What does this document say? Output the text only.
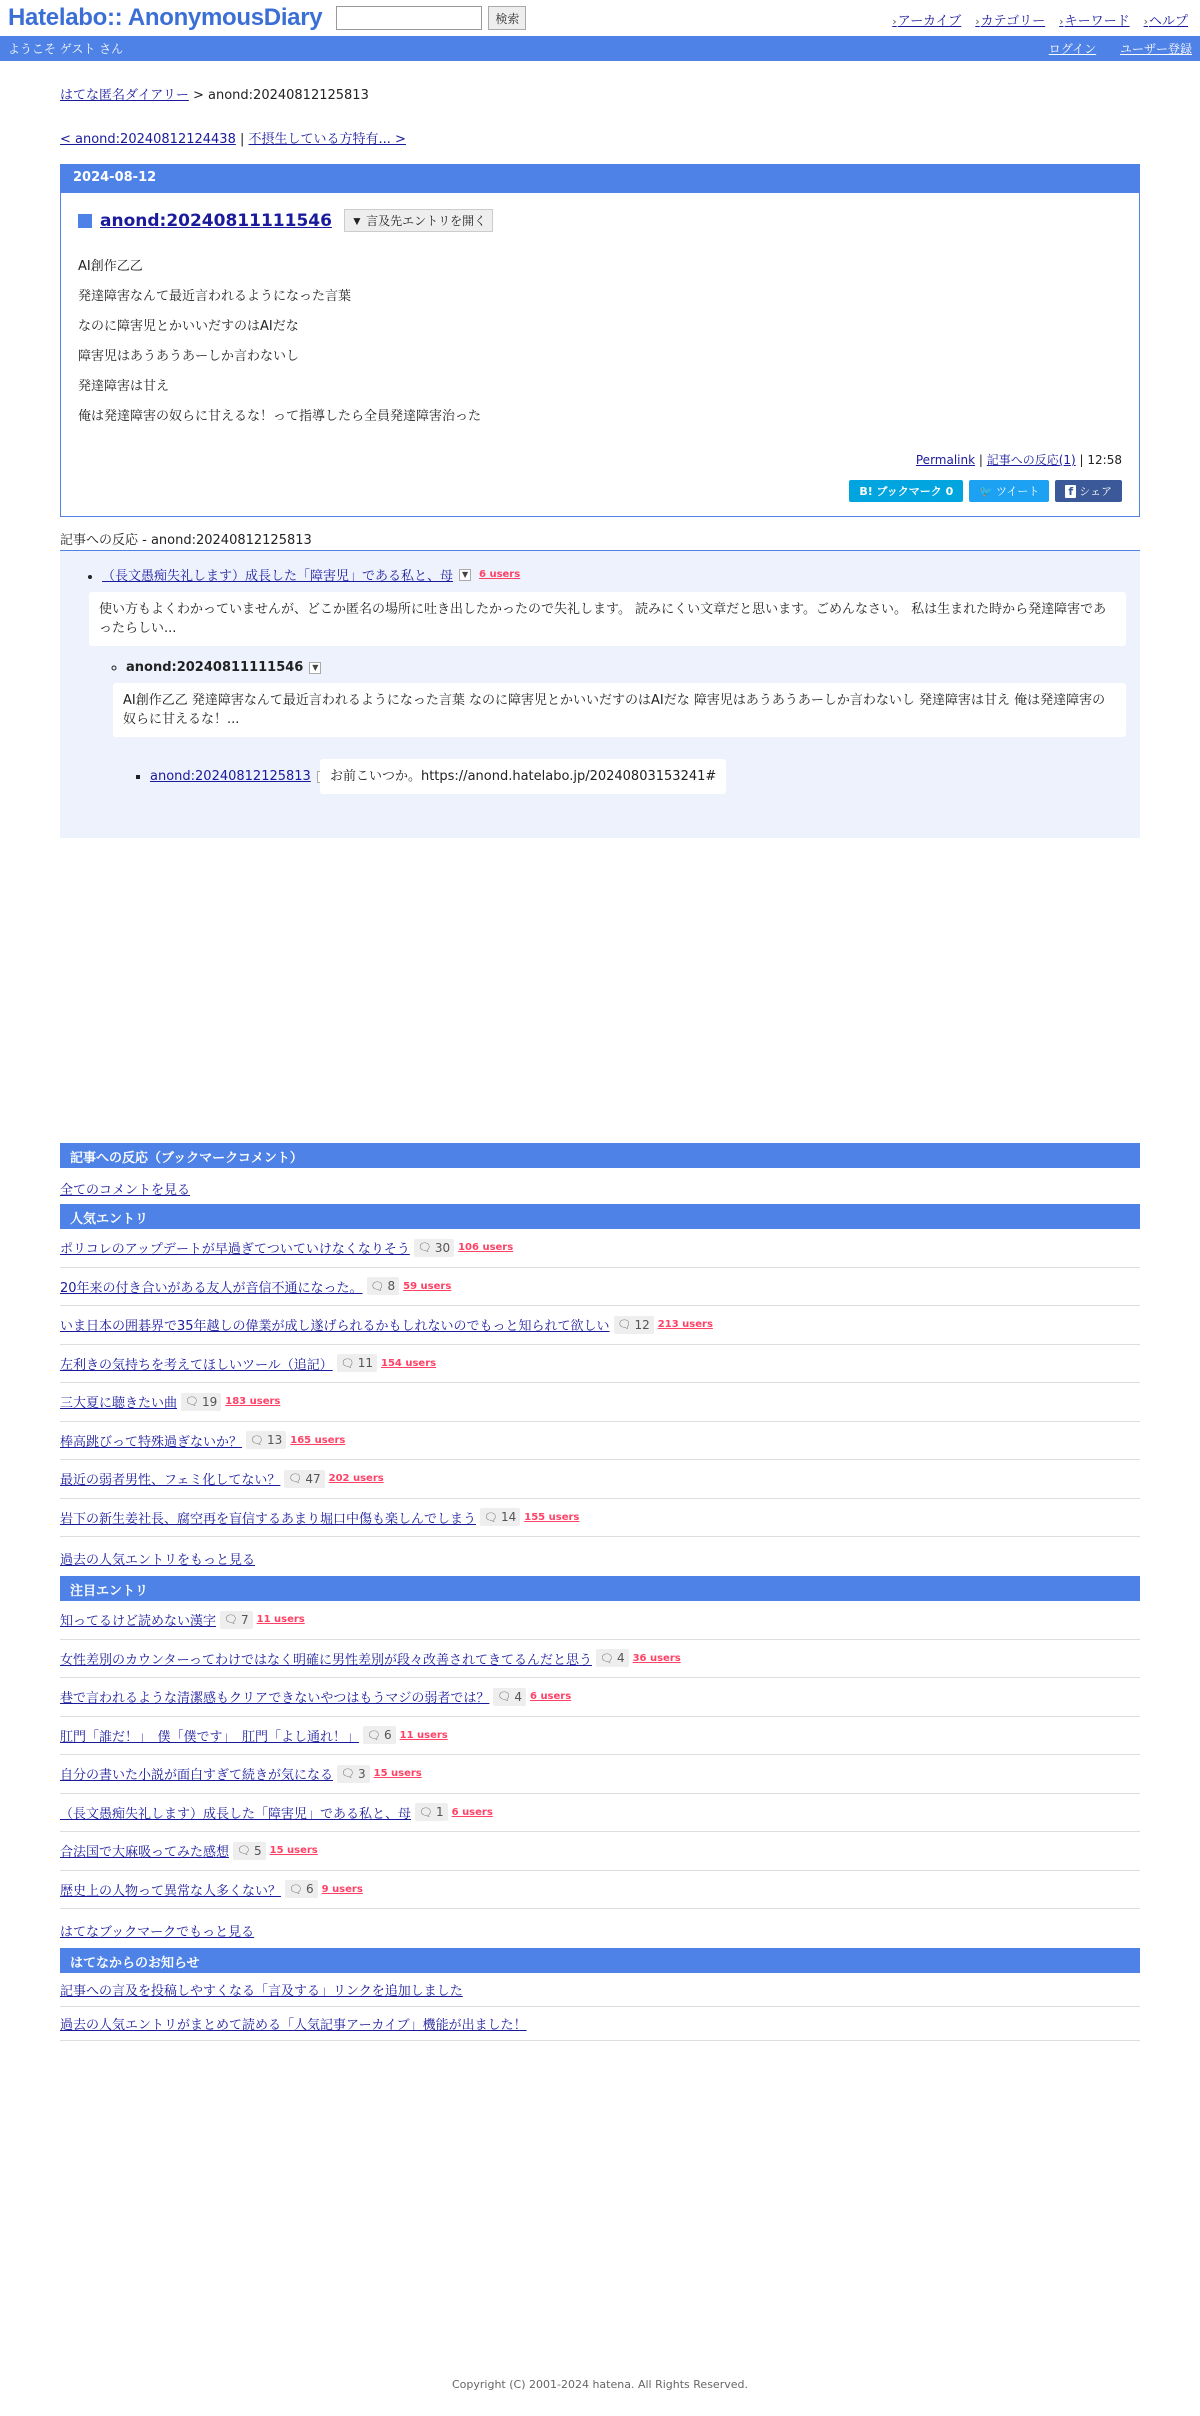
Hatelabo:: AnonymousDiary	検索	›アーカイブ ›カテゴリー ›キーワード ›ヘルプ
ようこそ ゲスト さん	ログイン ユーザー登録
はてな匿名ダイアリー > anond:20240812125813
< anond:20240812124438 | 不摂生している方特有... >
2024-08-12
anond:20240811111546	▼ 言及先エントリを開く

AI創作乙乙

発達障害なんて最近言われるようになった言葉

なのに障害児とかいいだすのはAIだな

障害児はあうあうあーしか言わないし

発達障害は甘え

俺は発達障害の奴らに甘えるな！って指導したら全員発達障害治った

Permalink | 記事への反応(1) | 12:58
B! ブックマーク 0	🐦 ツイート	f シェア
記事への反応 - anond:20240812125813
• （長文愚痴失礼します）成長した「障害児」である私と、母	▼ 6 users
使い方もよくわかっていませんが、どこか匿名の場所に吐き出したかったので失礼します。 読みにくい文章だと思います。ごめんなさい。 私は生まれた時から発達障害であったらしい...
◦ anond:20240811111546	▼
AI創作乙乙 発達障害なんて最近言われるようになった言葉 なのに障害児とかいいだすのはAIだな 障害児はあうあうあーしか言わないし 発達障害は甘え 俺は発達障害の奴らに甘えるな！...
▪ anond:20240812125813 お前こいつか。https://anond.hatelabo.jp/20240803153241#
記事への反応（ブックマークコメント）
全てのコメントを見る
人気エントリ
ポリコレのアップデートが早過ぎてついていけなくなりそう 🗨 30 106 users
20年来の付き合いがある友人が音信不通になった。 🗨 8 59 users
いま日本の囲碁界で35年越しの偉業が成し遂げられるかもしれないのでもっと知られて欲しい 🗨 12 213 users
左利きの気持ちを考えてほしいツール（追記） 🗨 11 154 users
三大夏に聴きたい曲 🗨 19 183 users
棒高跳びって特殊過ぎないか？ 🗨 13 165 users
最近の弱者男性、フェミ化してない？ 🗨 47 202 users
岩下の新生姜社長、腐空再を盲信するあまり堀口中傷も楽しんでしまう 🗨 14 155 users
過去の人気エントリをもっと見る
注目エントリ
知ってるけど読めない漢字 🗨 7 11 users
女性差別のカウンターってわけではなく明確に男性差別が段々改善されてきてるんだと思う 🗨 4 36 users
巷で言われるような清潔感もクリアできないやつはもうマジの弱者では？ 🗨 4 6 users
肛門「誰だ！」　僕「僕です」　肛門「よし通れ！」 🗨 6 11 users
自分の書いた小説が面白すぎて続きが気になる 🗨 3 15 users
（長文愚痴失礼します）成長した「障害児」である私と、母 🗨 1 6 users
合法国で大麻吸ってみた感想 🗨 5 15 users
歴史上の人物って異常な人多くない？ 🗨 6 9 users
はてなブックマークでもっと見る
はてなからのお知らせ
記事への言及を投稿しやすくなる「言及する」リンクを追加しました
過去の人気エントリがまとめて読める「人気記事アーカイブ」機能が出ました！
Copyright (C) 2001-2024 hatena. All Rights Reserved.
